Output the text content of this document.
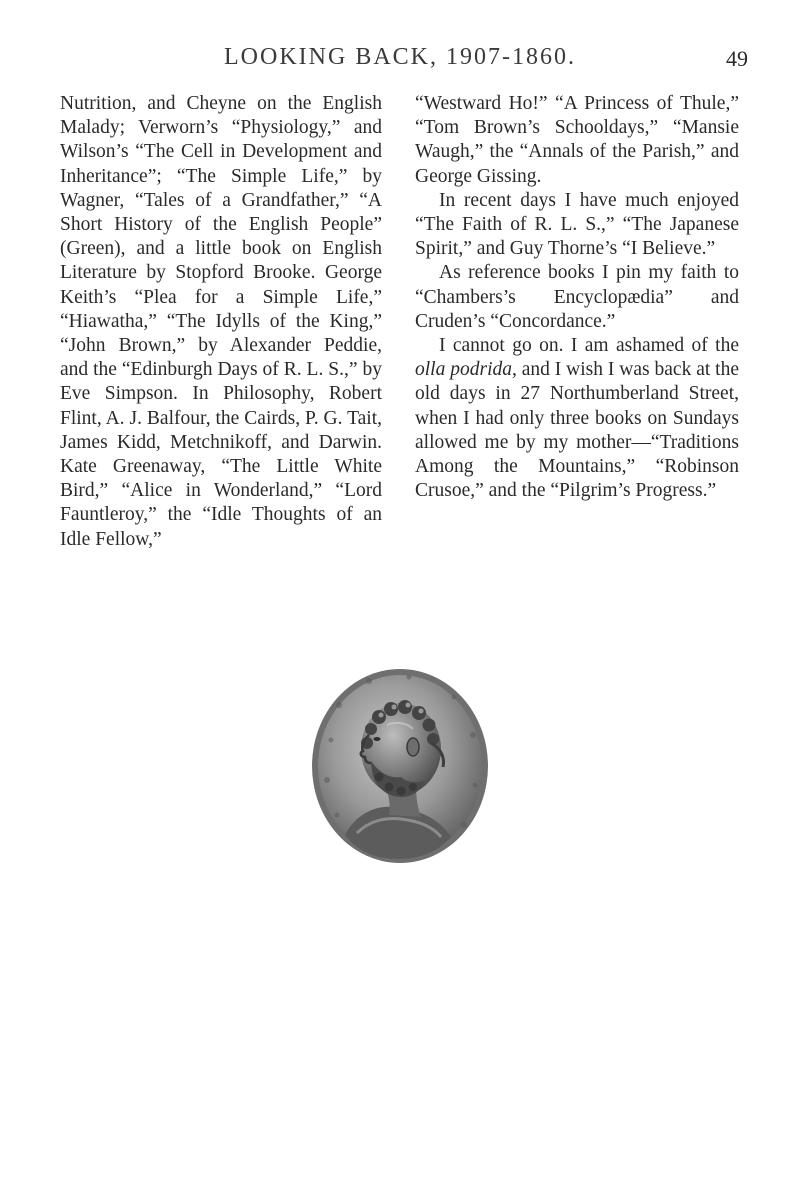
LOOKING BACK, 1907-1860.	49

Nutrition, and Cheyne on the English Malady; Verworn’s “Physiology,” and Wilson’s “The Cell in Development and Inheritance”; “The Simple Life,” by Wagner, “Tales of a Grandfather,” “A Short History of the English People” (Green), and a little book on English Literature by Stopford Brooke. George Keith’s “Plea for a Simple Life,” “Hiawatha,” “The Idylls of the King,” “John Brown,” by Alexander Peddie, and the “Edinburgh Days of R. L. S.,” by Eve Simpson. In Philosophy, Robert Flint, A. J. Balfour, the Cairds, P. G. Tait, James Kidd, Metchnikoff, and Darwin. Kate Greenaway, “The Little White Bird,” “Alice in Wonderland,” “Lord Fauntleroy,” the “Idle Thoughts of an Idle Fellow,”

“Westward Ho!” “A Princess of Thule,” “Tom Brown’s Schooldays,” “Mansie Waugh,” the “Annals of the Parish,” and George Gissing.

In recent days I have much enjoyed “The Faith of R. L. S.,” “The Japanese Spirit,” and Guy Thorne’s “I Believe.”

As reference books I pin my faith to “Chambers’s Encyclopædia” and Cruden’s “Concordance.”

I cannot go on. I am ashamed of the olla podrida, and I wish I was back at the old days in 27 Northumberland Street, when I had only three books on Sundays allowed me by my mother—“Traditions Among the Mountains,” “Robinson Crusoe,” and the “Pilgrim’s Progress.”
